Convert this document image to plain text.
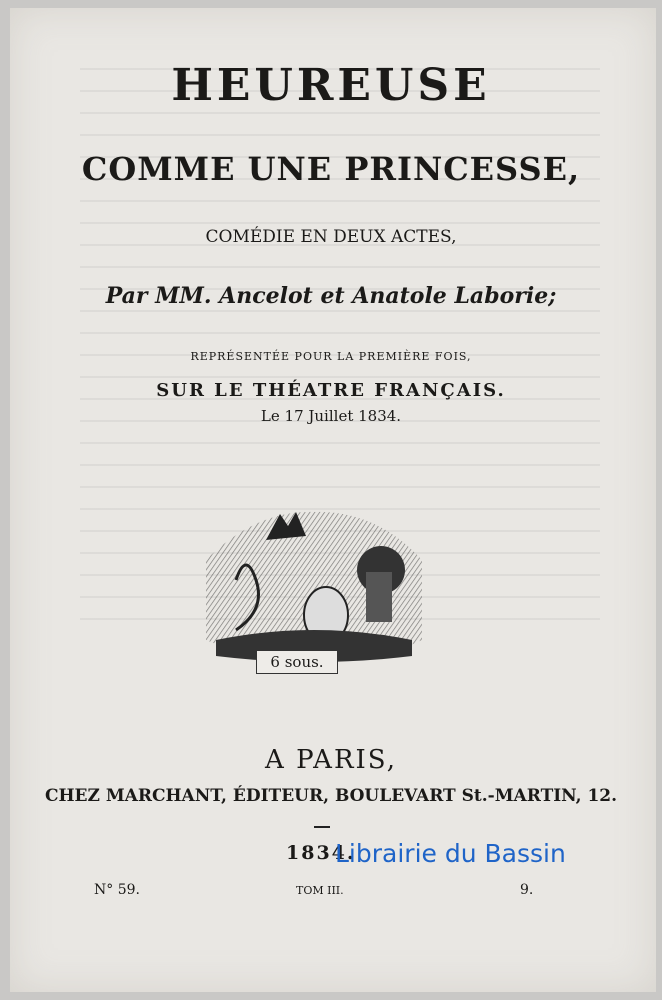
HEUREUSE
COMME UNE PRINCESSE,
COMÉDIE EN DEUX ACTES,
Par MM. Ancelot et Anatole Laborie;
REPRÉSENTÉE POUR LA PREMIÈRE FOIS,
SUR LE THÉATRE FRANÇAIS.
Le 17 Juillet 1834.
6 sous.
A PARIS,
CHEZ MARCHANT, ÉDITEUR, BOULEVART St.-MARTIN, 12.
1834.
Librairie du Bassin
N° 59.	TOM III.	9.
